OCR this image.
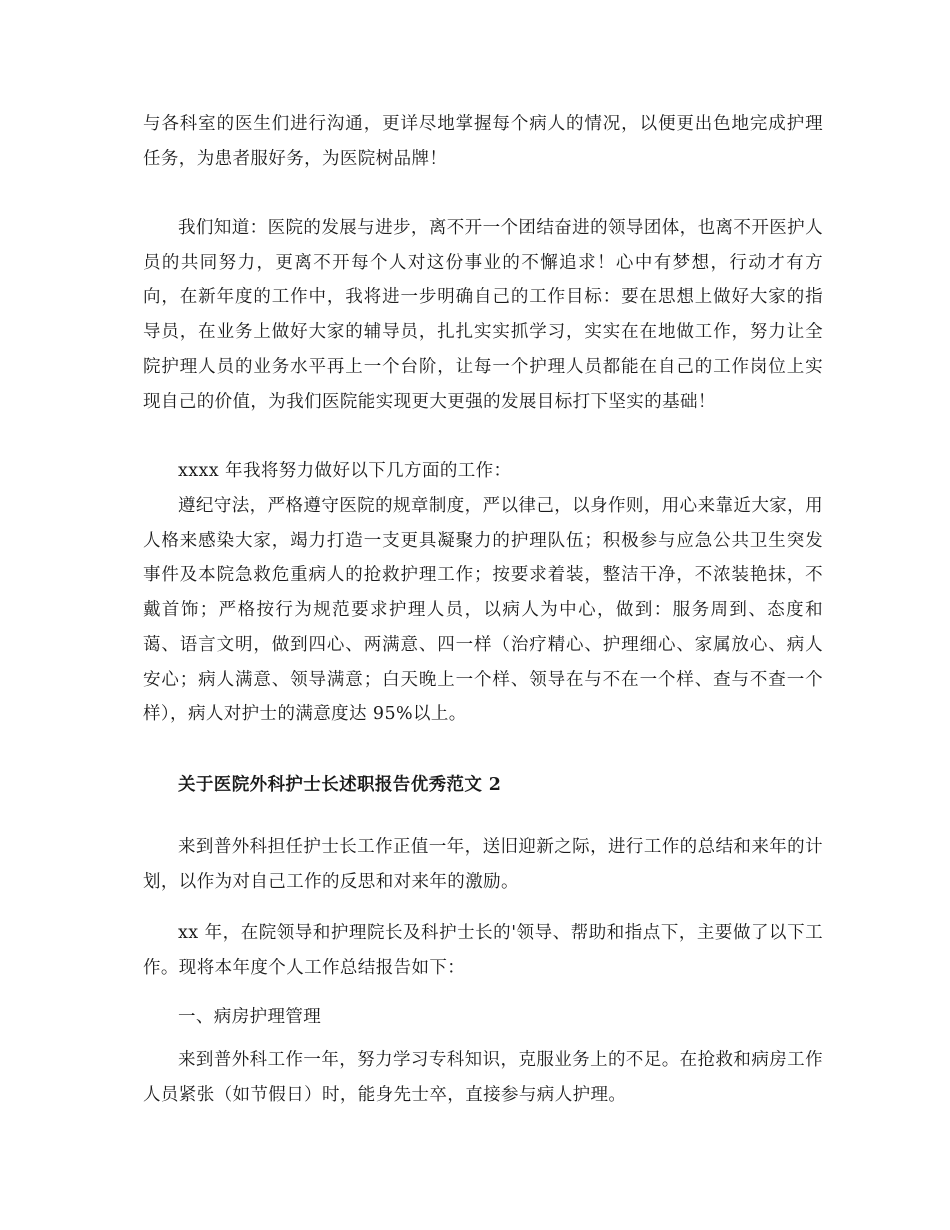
与各科室的医生们进行沟通，更详尽地掌握每个病人的情况，以便更出色地完成护理任务，为患者服好务，为医院树品牌！

我们知道：医院的发展与进步，离不开一个团结奋进的领导团体，也离不开医护人员的共同努力，更离不开每个人对这份事业的不懈追求！心中有梦想，行动才有方向，在新年度的工作中，我将进一步明确自己的工作目标：要在思想上做好大家的指导员，在业务上做好大家的辅导员，扎扎实实抓学习，实实在在地做工作，努力让全院护理人员的业务水平再上一个台阶，让每一个护理人员都能在自己的工作岗位上实现自己的价值，为我们医院能实现更大更强的发展目标打下坚实的基础！

xxxx 年我将努力做好以下几方面的工作：

遵纪守法，严格遵守医院的规章制度，严以律己，以身作则，用心来靠近大家，用人格来感染大家，竭力打造一支更具凝聚力的护理队伍；积极参与应急公共卫生突发事件及本院急救危重病人的抢救护理工作；按要求着装，整洁干净，不浓装艳抹，不戴首饰；严格按行为规范要求护理人员，以病人为中心，做到：服务周到、态度和蔼、语言文明，做到四心、两满意、四一样（治疗精心、护理细心、家属放心、病人安心；病人满意、领导满意；白天晚上一个样、领导在与不在一个样、查与不查一个样），病人对护士的满意度达 95%以上。

关于医院外科护士长述职报告优秀范文 2

来到普外科担任护士长工作正值一年，送旧迎新之际，进行工作的总结和来年的计划，以作为对自己工作的反思和对来年的激励。

xx 年，在院领导和护理院长及科护士长的'领导、帮助和指点下，主要做了以下工作。现将本年度个人工作总结报告如下：

一、病房护理管理

来到普外科工作一年，努力学习专科知识，克服业务上的不足。在抢救和病房工作人员紧张（如节假日）时，能身先士卒，直接参与病人护理。
